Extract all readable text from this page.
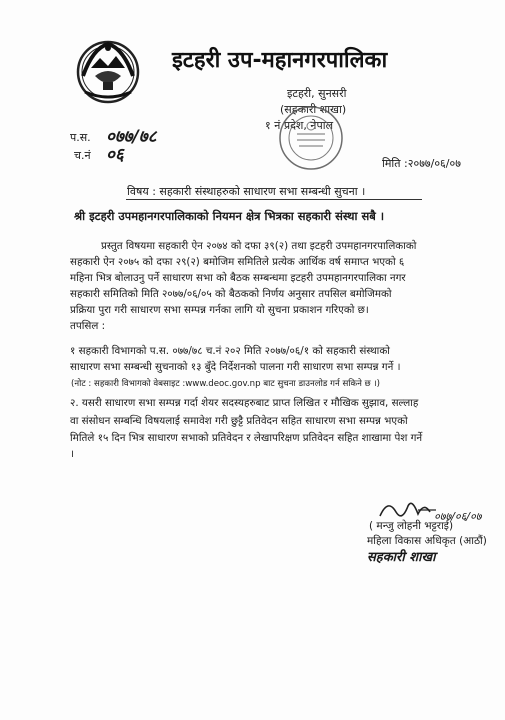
इटहरी उप-महानगरपालिका
इटहरी, सुनसरी
(सहकारी शाखा)
१ नं प्रदेश, नेपाल
प.स. ०७७/७८
च.नं ०६	मिति :२०७७/०६/०७
विषय : सहकारी संस्थाहरुको साधारण सभा सम्बन्धी सुचना ।
श्री इटहरी उपमहानगरपालिकाको नियमन क्षेत्र भित्रका सहकारी संस्था सबै ।
प्रस्तुत विषयमा सहकारी ऐन २०७४ को दफा ३९(२) तथा इटहरी उपमहानगरपालिकाको
सहकारी ऐन २०७५ को दफा २९(२) बमोजिम समितिले प्रत्येक आर्थिक वर्ष समाप्त भएको ६
महिना भित्र बोलाउनु पर्ने साधारण सभा को बैठक सम्बन्धमा इटहरी उपमहानगरपालिका नगर
सहकारी समितिको मिति २०७७/०६/०५ को बैठकको निर्णय अनुसार तपसिल बमोजिमको
प्रक्रिया पुरा गरी साधारण सभा सम्पन्न गर्नका लागि यो सुचना प्रकाशन गरिएको छ।
तपसिल :
१ सहकारी विभागको प.स. ०७७/७८ च.नं २०२ मिति २०७७/०६/१ को सहकारी संस्थाको
साधारण सभा सम्बन्धी सुचनाको १३ बुँदे निर्देशनको पालना गरी साधारण सभा सम्पन्न गर्ने ।
(नोट : सहकारी विभागको वेबसाइट :www.deoc.gov.np बाट सुचना डाउनलोड गर्न सकिने छ ।)
२. यसरी साधारण सभा सम्पन्न गर्दा शेयर सदस्यहरुबाट प्राप्त लिखित र मौखिक सुझाव, सल्लाह
वा संसोधन सम्बन्धि विषयलाई समावेश गरी छुट्टै प्रतिवेदन सहित साधारण सभा सम्पन्न भएको
मितिले १५ दिन भित्र साधारण सभाको प्रतिवेदन र लेखापरिक्षण प्रतिवेदन सहित शाखामा पेश गर्ने
।
०७७/०६/०७
( मन्जु लोहनी भट्टराई)
महिला विकास अधिकृत (आठौं)
सहकारी शाखा
